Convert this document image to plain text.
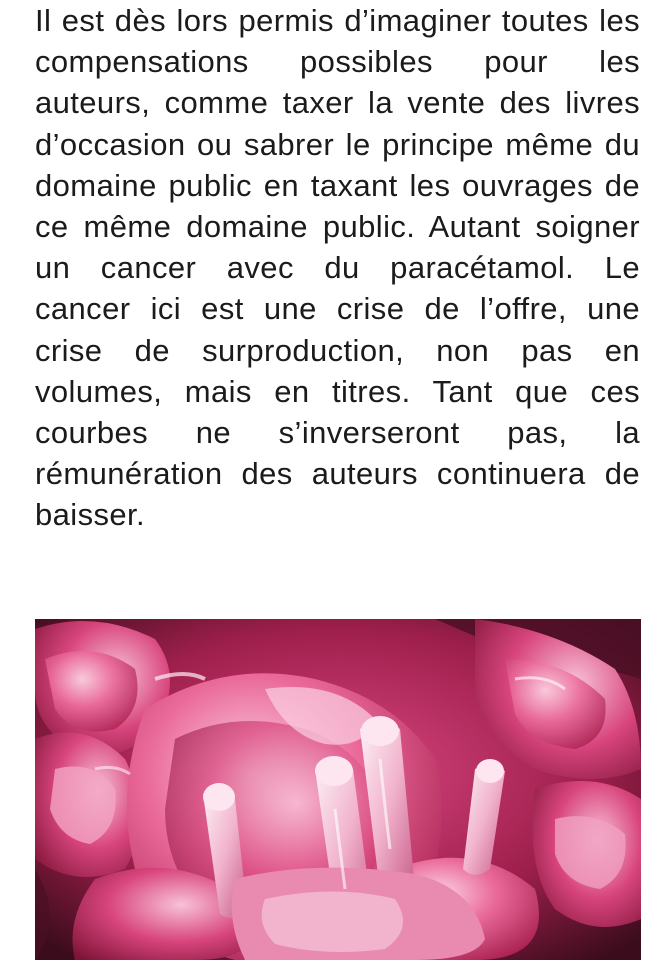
Il est dès lors permis d’imaginer toutes les compensations possibles pour les auteurs, comme taxer la vente des livres d’occasion ou sabrer le principe même du domaine public en taxant les ouvrages de ce même domaine public. Autant soigner un cancer avec du paracétamol. Le cancer ici est une crise de l’offre, une crise de surproduction, non pas en volumes, mais en titres. Tant que ces courbes ne s’inverseront pas, la rémunération des auteurs continuera de baisser.
